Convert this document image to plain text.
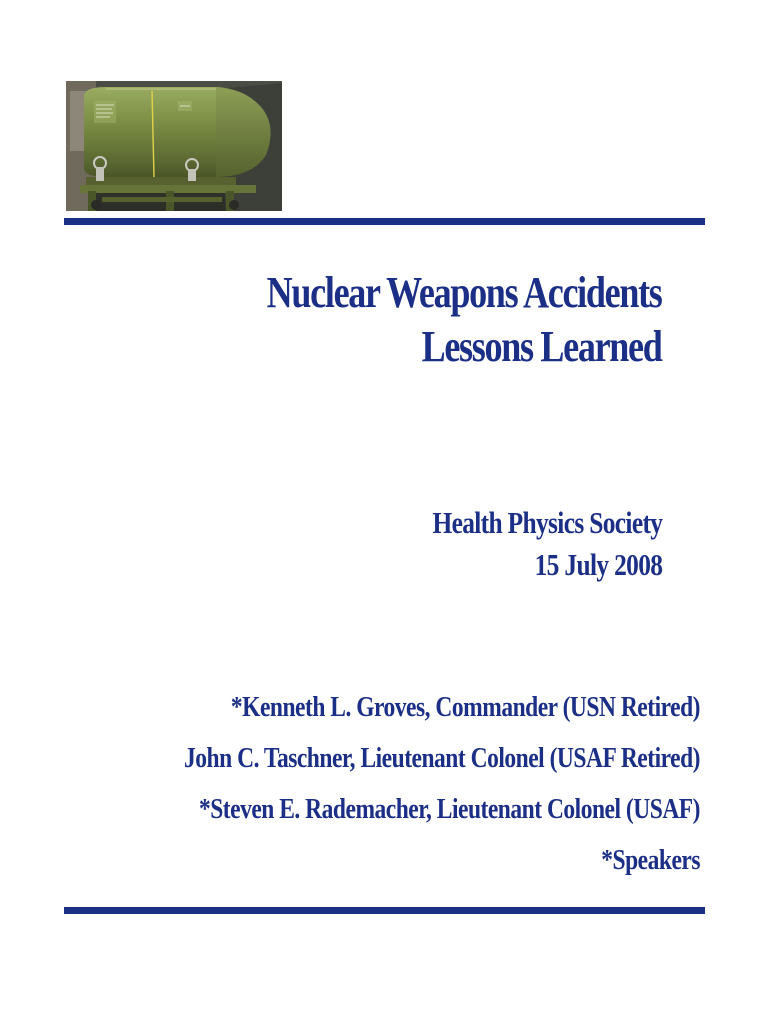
Nuclear Weapons Accidents
Lessons Learned
Health Physics Society
15 July 2008
*Kenneth L. Groves, Commander (USN Retired)
John C. Taschner, Lieutenant Colonel (USAF Retired)
*Steven E. Rademacher, Lieutenant Colonel (USAF)
*Speakers
